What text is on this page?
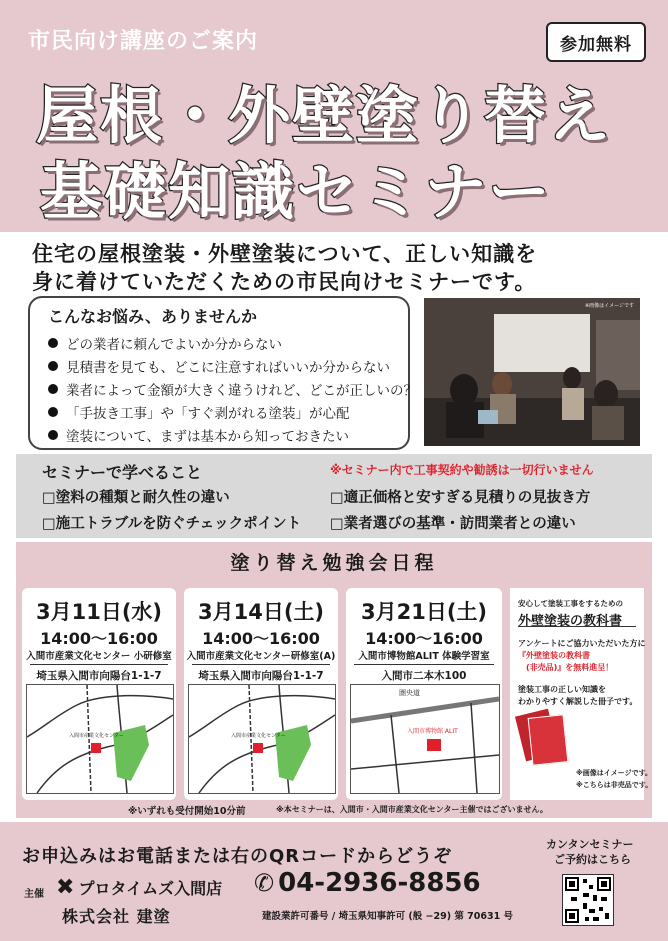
市民向け講座のご案内	参加無料
屋根・外壁塗り替え
基礎知識セミナー
住宅の屋根塗装・外壁塗装について、正しい知識を
身に着けていただくための市民向けセミナーです。
こんなお悩み、ありませんか
どの業者に頼んでよいか分からない
見積書を見ても、どこに注意すればいいか分からない
業者によって金額が大きく違うけれど、どこが正しいの？
「手抜き工事」や「すぐ剥がれる塗装」が心配
塗装について、まずは基本から知っておきたい
※画像はイメージです
セミナーで学べること	※セミナー内で工事契約や勧誘は一切行いません
□塗料の種類と耐久性の違い	□適正価格と安すぎる見積りの見抜き方
□施工トラブルを防ぐチェックポイント □業者選びの基準・訪問業者との違い
塗り替え勉強会日程
3月11日(水)
14:00〜16:00
入間市産業文化センター 小研修室
埼玉県入間市向陽台1-1-7
入間市産業文化センター
3月14日(土)
14:00〜16:00
入間市産業文化センター研修室(A)
埼玉県入間市向陽台1-1-7
入間市産業文化センター
3月21日(土)
14:00〜16:00
入間市博物館ALIT 体験学習室
入間市二本木100
圏央道
入間市博物館 ALIT
安心して塗装工事をするための
外壁塗装の教科書
アンケートにご協力いただいた方に
『外壁塗装の教科書
(非売品)』を無料進呈！
塗装工事の正しい知識を
わかりやすく解説した冊子です。
※画像はイメージです。
※こちらは非売品です。
※いずれも受付開始10分前	※本セミナーは、入間市・入間市産業文化センター主催ではございません。
お申込みはお電話または右のQRコードからどうぞ
カンタンセミナー
ご予約はこちら
主催 ✖ プロタイムズ入間店
株式会社 建塗
✆ 04-2936-8856
建設業許可番号 / 埼玉県知事許可 (般 −29) 第 70631 号
